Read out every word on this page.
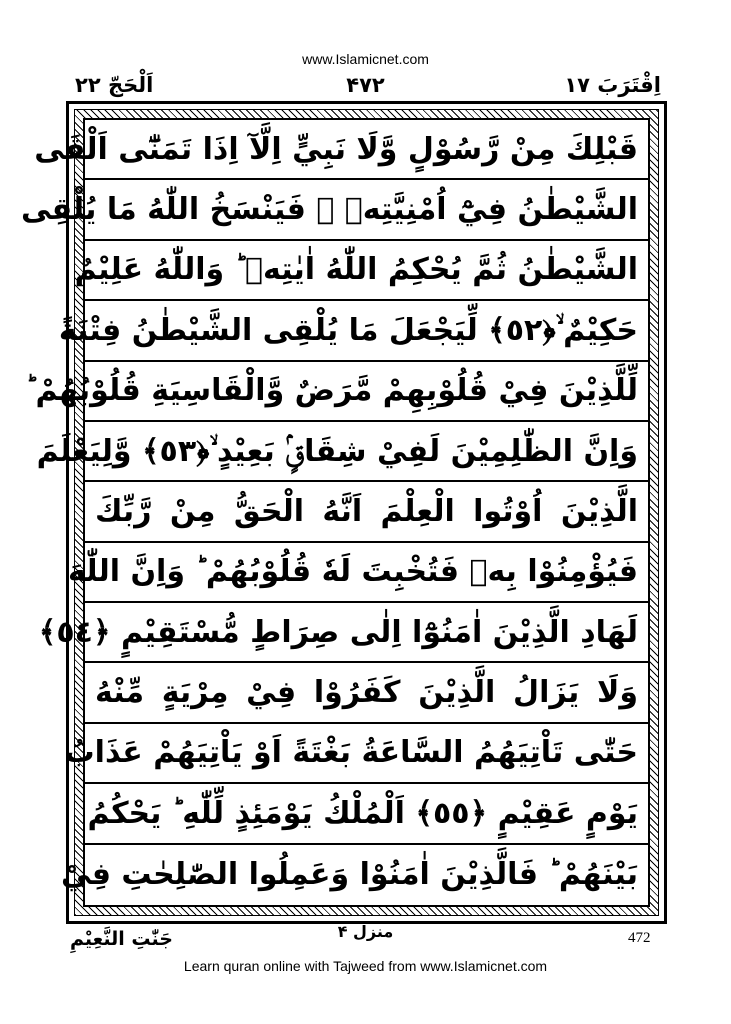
www.Islamicnet.com
اِقْتَرَبَ ١٧
۴٧٢
اَلْحَجّ ٢٢
قَبْلِكَ مِنْ رَّسُوْلٍ وَّلَا نَبِيٍّ اِلَّآ اِذَا تَمَنّٰٓى اَلْقَى
الشَّيْطٰنُ فِيْٓ اُمْنِيَّتِهٖ ۚ فَيَنْسَخُ اللّٰهُ مَا يُلْقِى
الشَّيْطٰنُ ثُمَّ يُحْكِمُ اللّٰهُ اٰيٰتِهٖ ؕ وَاللّٰهُ عَلِيْمٌ
حَكِيْمٌ ۙ﴿٥٢﴾ لِّيَجْعَلَ مَا يُلْقِى الشَّيْطٰنُ فِتْنَةً
لِّلَّذِيْنَ فِيْ قُلُوْبِهِمْ مَّرَضٌ وَّالْقَاسِيَةِ قُلُوْبُهُمْ ؕ
وَاِنَّ الظّٰلِمِيْنَ لَفِيْ شِقَاقٍۢ بَعِيْدٍ ۙ﴿٥٣﴾ وَّلِيَعْلَمَ
الَّذِيْنَ اُوْتُوا الْعِلْمَ اَنَّهُ الْحَقُّ مِنْ رَّبِّكَ
فَيُؤْمِنُوْا بِهٖ فَتُخْبِتَ لَهٗ قُلُوْبُهُمْ ؕ وَاِنَّ اللّٰهَ
لَهَادِ الَّذِيْنَ اٰمَنُوْٓا اِلٰى صِرَاطٍ مُّسْتَقِيْمٍ ﴿٥٤﴾
وَلَا يَزَالُ الَّذِيْنَ كَفَرُوْا فِيْ مِرْيَةٍ مِّنْهُ
حَتّٰى تَاْتِيَهُمُ السَّاعَةُ بَغْتَةً اَوْ يَاْتِيَهُمْ عَذَابُ
يَوْمٍ عَقِيْمٍ ﴿٥٥﴾ اَلْمُلْكُ يَوْمَئِذٍ لِّلّٰهِ ؕ يَحْكُمُ
بَيْنَهُمْ ؕ فَالَّذِيْنَ اٰمَنُوْا وَعَمِلُوا الصّٰلِحٰتِ فِيْ
جَنّٰتِ النَّعِيْمِ	منزل ۴	472
Learn quran online with Tajweed from www.Islamicnet.com
